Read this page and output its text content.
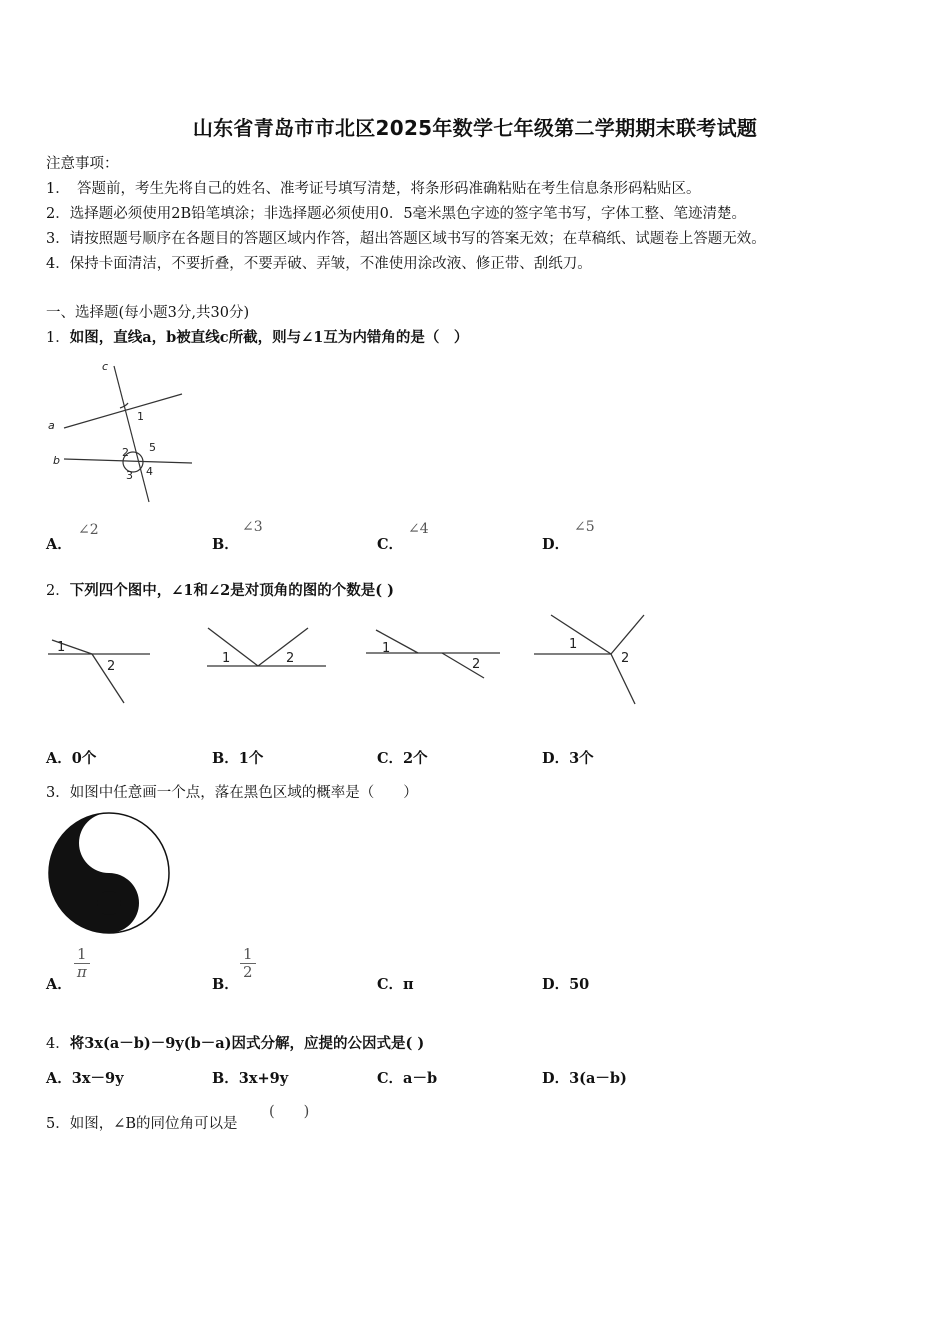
山东省青岛市市北区2025年数学七年级第二学期期末联考试题
注意事项：
1．　答题前，考生先将自己的姓名、准考证号填写清楚，将条形码准确粘贴在考生信息条形码粘贴区。
2．选择题必须使用2B铅笔填涂；非选择题必须使用0．5毫米黑色字迹的签字笔书写，字体工整、笔迹清楚。
3．请按照题号顺序在各题目的答题区域内作答，超出答题区域书写的答案无效；在草稿纸、试题卷上答题无效。
4．保持卡面清洁，不要折叠，不要弄破、弄皱，不准使用涂改液、修正带、刮纸刀。
一、选择题(每小题3分,共30分)
1．如图，直线a，b被直线c所截，则与∠1互为内错角的是（　）
c
a
b
1
2
3 4
5
A．
∠2
B．
∠3
C．
∠4
D．
∠5
2．下列四个图中，∠1和∠2是对顶角的图的个数是( )
1
2
1	2
1
2
1
2
A．0个	B．1个	C．2个	D．3个
3．如图中任意画一个点，落在黑色区域的概率是（　　）
A．
$\frac{1}{\pi}$
B．
$\frac{1}{2}$
C．π	D．50
4．将3x(a－b)－9y(b－a)因式分解，应提的公因式是( )
A．3x－9y	B．3x+9y	C．a－b	D．3(a－b)
5．如图，∠B的同位角可以是
(　　)
